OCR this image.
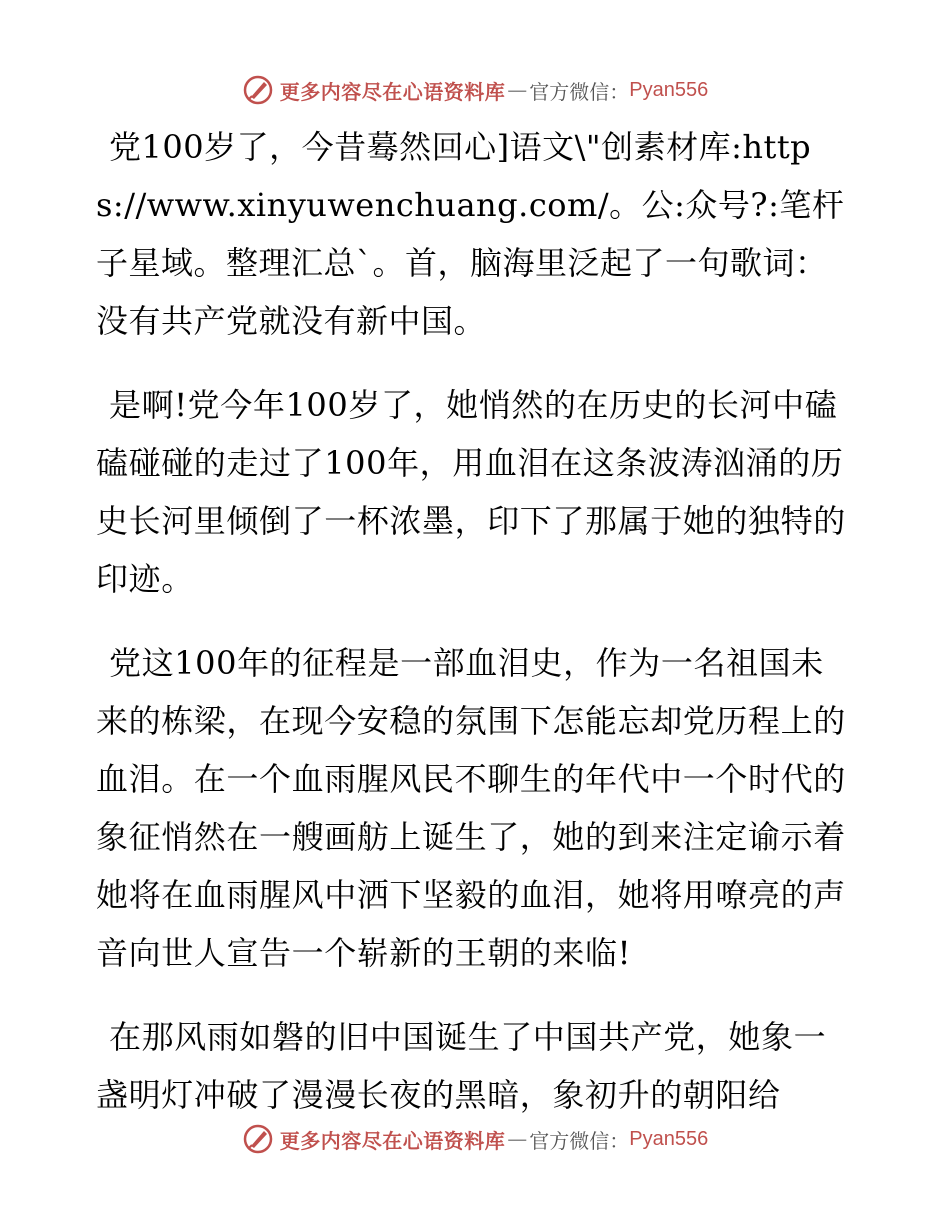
更多内容尽在心语资料库 — 官方微信： Pyan556

党100岁了，今昔蓦然回心]语文\"创素材库:https://www.xinyuwenchuang.com/。公:众号?:笔杆子星域。整理汇总`。首，脑海里泛起了一句歌词：没有共产党就没有新中国。

是啊!党今年100岁了，她悄然的在历史的长河中磕磕碰碰的走过了100年，用血泪在这条波涛汹涌的历史长河里倾倒了一杯浓墨，印下了那属于她的独特的印迹。

党这100年的征程是一部血泪史，作为一名祖国未来的栋梁，在现今安稳的氛围下怎能忘却党历程上的血泪。在一个血雨腥风民不聊生的年代中一个时代的象征悄然在一艘画舫上诞生了，她的到来注定谕示着她将在血雨腥风中洒下坚毅的血泪，她将用嘹亮的声音向世人宣告一个崭新的王朝的来临!

在那风雨如磐的旧中国诞生了中国共产党，她象一盏明灯冲破了漫漫长夜的黑暗，象初升的朝阳给

更多内容尽在心语资料库 — 官方微信： Pyan556
